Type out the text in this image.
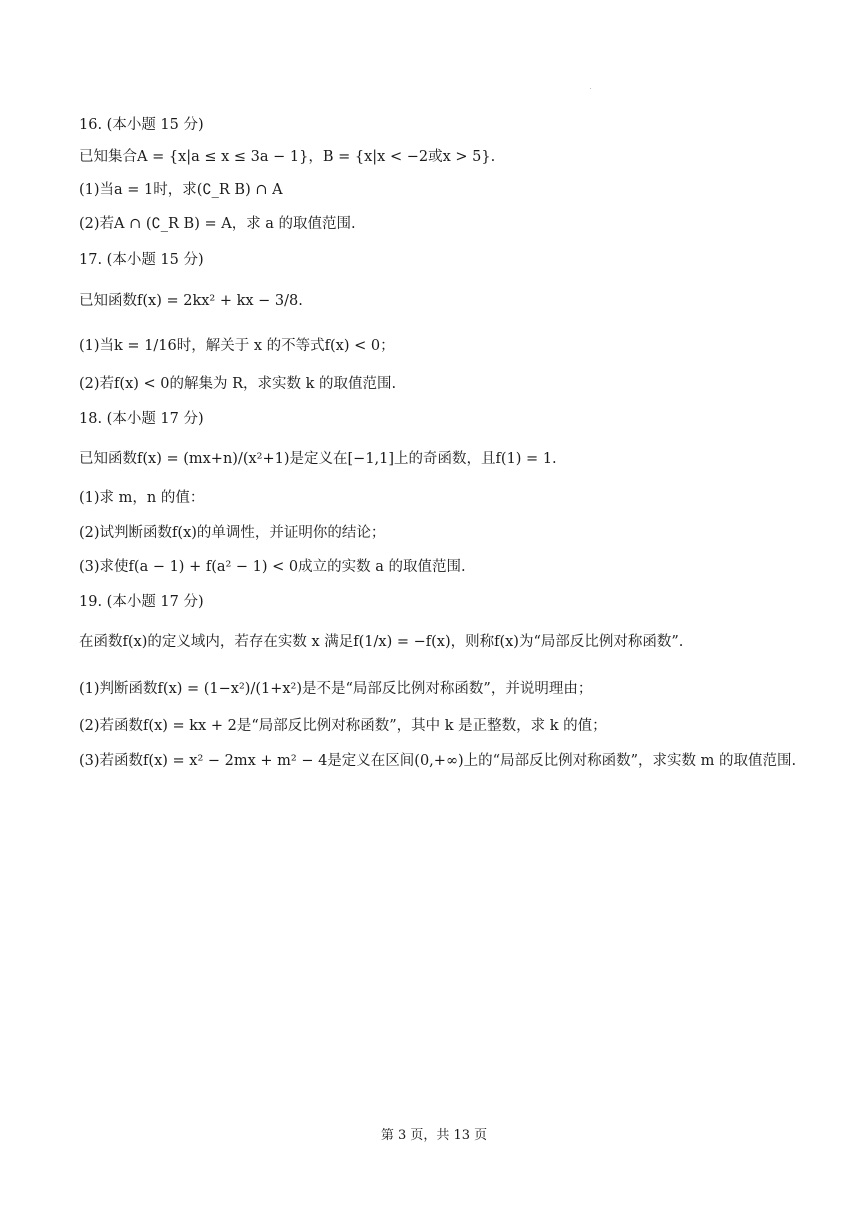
16. (本小题 15 分)
已知集合A = {x|a ≤ x ≤ 3a − 1}，B = {x|x < −2或x > 5}.
(1)当a = 1时，求(∁_R B) ∩ A
(2)若A ∩ (∁_R B) = A，求 a 的取值范围.
17. (本小题 15 分)
已知函数f(x) = 2kx² + kx − 3/8.
(1)当k = 1/16时，解关于 x 的不等式f(x) < 0；
(2)若f(x) < 0的解集为 R，求实数 k 的取值范围.
18. (本小题 17 分)
已知函数f(x) = (mx+n)/(x²+1)是定义在[−1,1]上的奇函数，且f(1) = 1.
(1)求 m，n 的值：
(2)试判断函数f(x)的单调性，并证明你的结论；
(3)求使f(a − 1) + f(a² − 1) < 0成立的实数 a 的取值范围.
19. (本小题 17 分)
在函数f(x)的定义域内，若存在实数 x 满足f(1/x) = −f(x)，则称f(x)为“局部反比例对称函数”.
(1)判断函数f(x) = (1−x²)/(1+x²)是不是“局部反比例对称函数”，并说明理由；
(2)若函数f(x) = kx + 2是“局部反比例对称函数”，其中 k 是正整数，求 k 的值；
(3)若函数f(x) = x² − 2mx + m² − 4是定义在区间(0,+∞)上的“局部反比例对称函数”，求实数 m 的取值范围.
第 3 页，共 13 页
